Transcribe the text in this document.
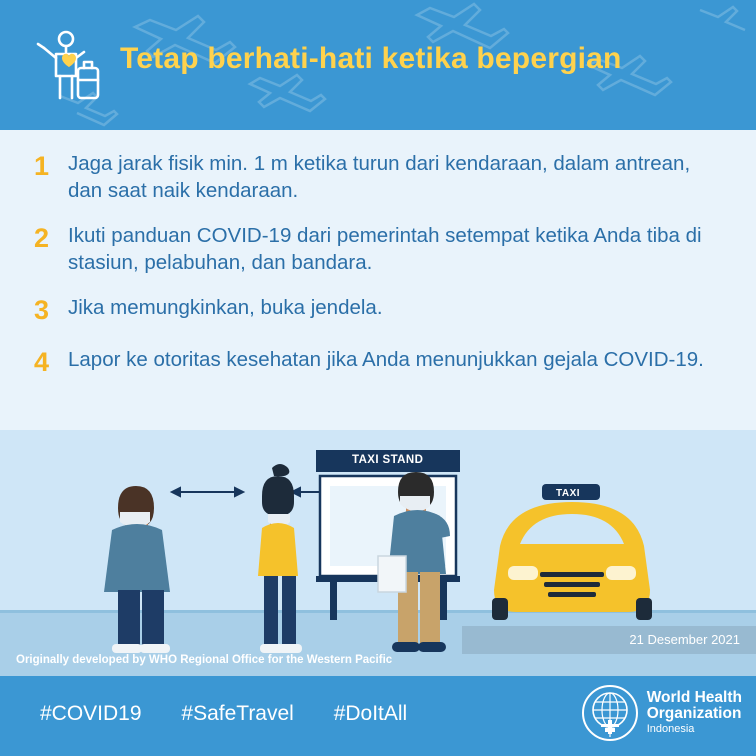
Tetap berhati-hati ketika bepergian
1 Jaga jarak fisik min. 1 m ketika turun dari kendaraan, dalam antrean, dan saat naik kendaraan.
2 Ikuti panduan COVID-19 dari pemerintah setempat ketika Anda tiba di stasiun, pelabuhan, dan bandara.
3 Jika memungkinkan, buka jendela.
4 Lapor ke otoritas kesehatan jika Anda menunjukkan gejala COVID-19.
TAXI STAND
TAXI
21 Desember 2021
Originally developed by WHO Regional Office for the Western Pacific
#COVID19 #SafeTravel #DoItAll
World Health
Organization
Indonesia
